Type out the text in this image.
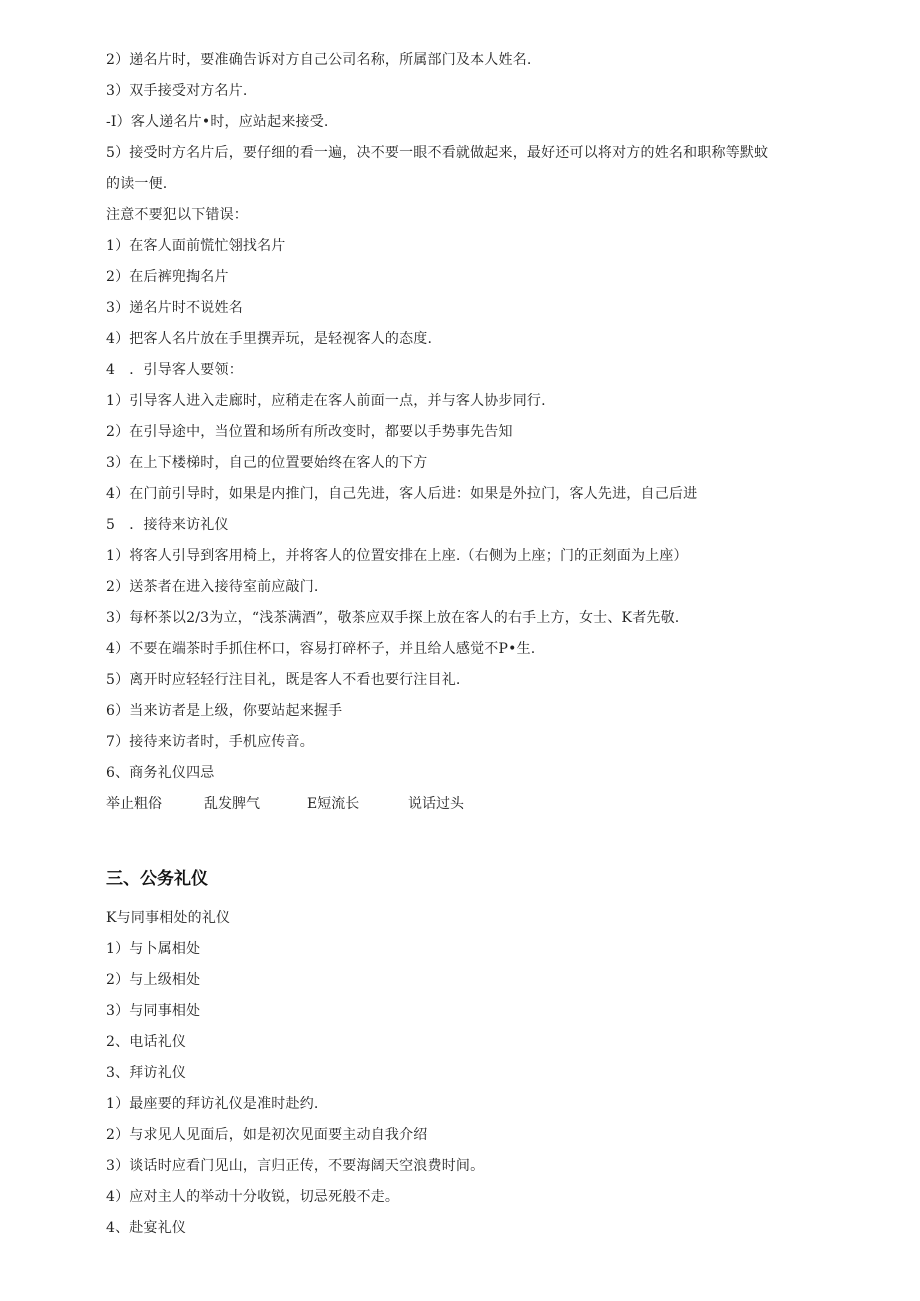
2）递名片时，要准确告诉对方自己公司名称，所属部门及本人姓名.
3）双手接受对方名片.
-I）客人递名片•时，应站起来接受.
5）接受时方名片后，要仔细的看一遍，决不要一眼不看就做起来，最好还可以将对方的姓名和职称等默蚊
的读一便.
注意不要犯以下错误：
1）在客人面前慌忙翎找名片
2）在后裤兜掏名片
3）递名片时不说姓名
4）把客人名片放在手里撰弄玩，是轻视客人的态度.
4　．引导客人要领：
1）引导客人进入走廊时，应稍走在客人前面一点，并与客人协步同行.
2）在引导途中，当位置和场所有所改变时，都要以手势事先告知
3）在上下楼梯时，自己的位置要始终在客人的下方
4）在门前引导时，如果是内推门，自己先进，客人后进：如果是外拉门，客人先进，自己后进
5　．接待来访礼仪
1）将客人引导到客用椅上，并将客人的位置安排在上座.（右侧为上座；门的正刻面为上座）
2）送茶者在进入接待室前应敲门.
3）每杯茶以2/3为立，“浅茶满酒”，敬茶应双手探上放在客人的右手上方，女士、K者先敬.
4）不要在端茶时手抓住杯口，容易打碎杯子，并且给人感觉不P•生.
5）离开时应轻轻行注目礼，既是客人不看也要行注目礼.
6）当来访者是上级，你要站起来握手
7）接待来访者时，手机应传音。
6、商务礼仪四忌
举止粗俗	乱发脾气	E短流长	说话过头
三、公务礼仪
K与同事相处的礼仪
1）与卜属相处
2）与上级相处
3）与同事相处
2、电话礼仪
3、拜访礼仪
1）最座要的拜访礼仪是准时赴约.
2）与求见人见面后，如是初次见面要主动自我介绍
3）谈话时应看门见山，言归正传，不要海阔天空浪费时间。
4）应对主人的举动十分收锐，切忌死般不走。
4、赴宴礼仪
